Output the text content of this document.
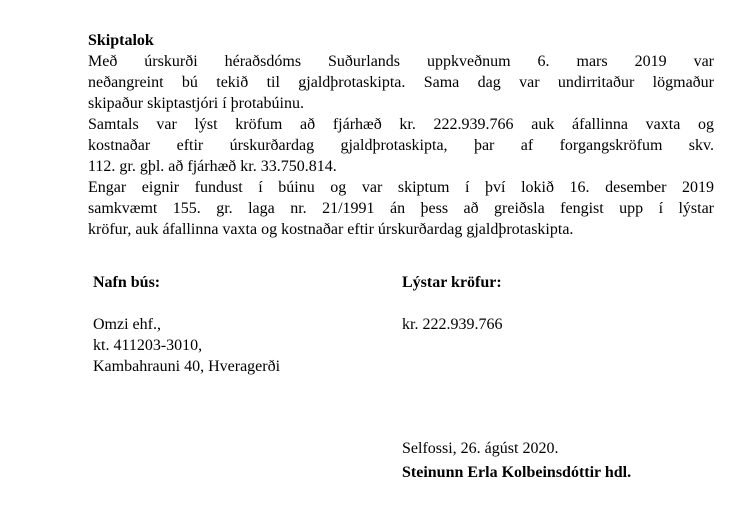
Skiptalok
Með úrskurði héraðsdóms Suðurlands uppkveðnum 6. mars 2019 var
neðangreint bú tekið til gjaldþrotaskipta. Sama dag var undirritaður lögmaður
skipaður skiptastjóri í þrotabúinu.
Samtals var lýst kröfum að fjárhæð kr. 222.939.766 auk áfallinna vaxta og
kostnaðar eftir úrskurðardag gjaldþrotaskipta, þar af forgangskröfum skv.
112. gr. gþl. að fjárhæð kr. 33.750.814.
Engar eignir fundust í búinu og var skiptum í því lokið 16. desember 2019
samkvæmt 155. gr. laga nr. 21/1991 án þess að greiðsla fengist upp í lýstar
kröfur, auk áfallinna vaxta og kostnaðar eftir úrskurðardag gjaldþrotaskipta.
Nafn bús:	Lýstar kröfur:
Omzi ehf.,
kt. 411203-3010,
Kambahrauni 40, Hveragerði
kr. 222.939.766
Selfossi, 26. ágúst 2020.
Steinunn Erla Kolbeinsdóttir hdl.
